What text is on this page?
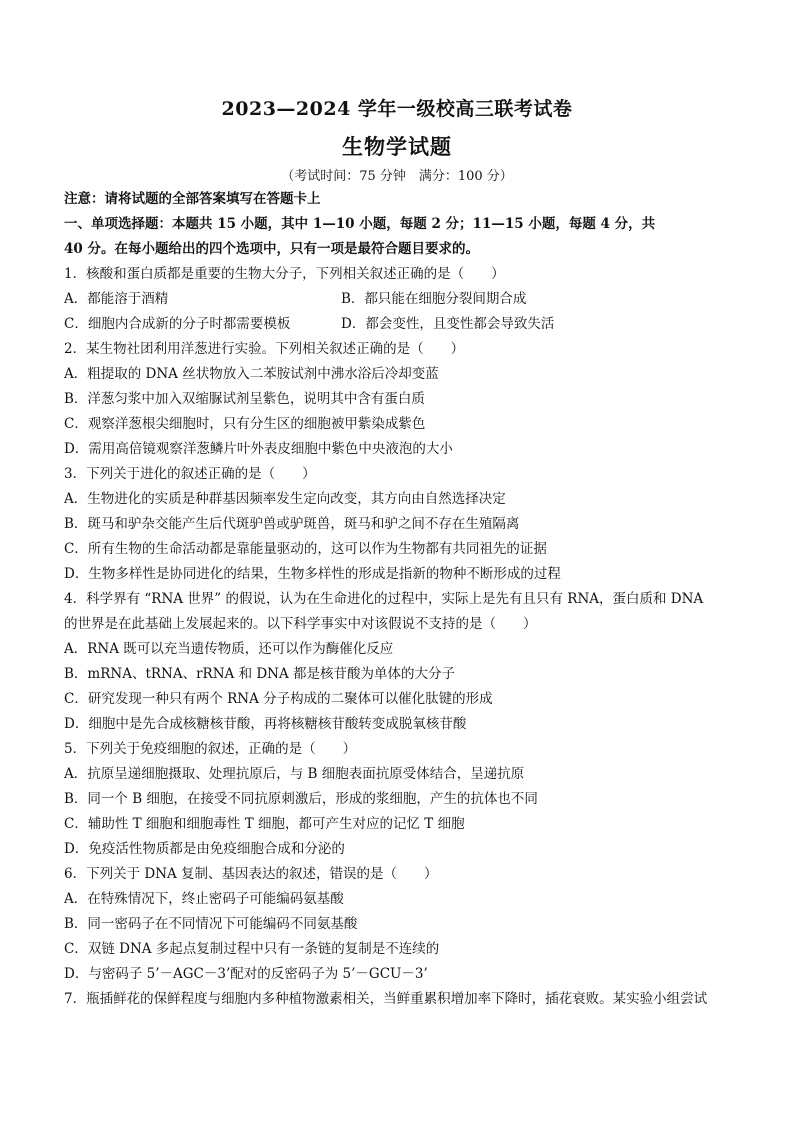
2023—2024 学年一级校高三联考试卷
生物学试题
（考试时间：75 分钟　满分：100 分）
注意：请将试题的全部答案填写在答题卡上
一、单项选择题：本题共 15 小题，其中 1—10 小题，每题 2 分；11—15 小题，每题 4 分，共
40 分。在每小题给出的四个选项中，只有一项是最符合题目要求的。
1．核酸和蛋白质都是重要的生物大分子，下列相关叙述正确的是（　　）
A．都能溶于酒精	B．都只能在细胞分裂间期合成
C．细胞内合成新的分子时都需要模板	D．都会变性，且变性都会导致失活
2．某生物社团利用洋葱进行实验。下列相关叙述正确的是（　　）
A．粗提取的 DNA 丝状物放入二苯胺试剂中沸水浴后冷却变蓝
B．洋葱匀浆中加入双缩脲试剂呈紫色，说明其中含有蛋白质
C．观察洋葱根尖细胞时，只有分生区的细胞被甲紫染成紫色
D．需用高倍镜观察洋葱鳞片叶外表皮细胞中紫色中央液泡的大小
3．下列关于进化的叙述正确的是（　　）
A．生物进化的实质是种群基因频率发生定向改变，其方向由自然选择决定
B．斑马和驴杂交能产生后代斑驴兽或驴斑兽，斑马和驴之间不存在生殖隔离
C．所有生物的生命活动都是靠能量驱动的，这可以作为生物都有共同祖先的证据
D．生物多样性是协同进化的结果，生物多样性的形成是指新的物种不断形成的过程
4．科学界有 “RNA 世界” 的假说，认为在生命进化的过程中，实际上是先有且只有 RNA，蛋白质和 DNA
的世界是在此基础上发展起来的。以下科学事实中对该假说不支持的是（　　）
A．RNA 既可以充当遗传物质，还可以作为酶催化反应
B．mRNA、tRNA、rRNA 和 DNA 都是核苷酸为单体的大分子
C．研究发现一种只有两个 RNA 分子构成的二聚体可以催化肽键的形成
D．细胞中是先合成核糖核苷酸，再将核糖核苷酸转变成脱氧核苷酸
5．下列关于免疫细胞的叙述，正确的是（　　）
A．抗原呈递细胞摄取、处理抗原后，与 B 细胞表面抗原受体结合，呈递抗原
B．同一个 B 细胞，在接受不同抗原刺激后，形成的浆细胞，产生的抗体也不同
C．辅助性 T 细胞和细胞毒性 T 细胞，都可产生对应的记忆 T 细胞
D．免疫活性物质都是由免疫细胞合成和分泌的
6．下列关于 DNA 复制、基因表达的叙述，错误的是（　　）
A．在特殊情况下，终止密码子可能编码氨基酸
B．同一密码子在不同情况下可能编码不同氨基酸
C．双链 DNA 多起点复制过程中只有一条链的复制是不连续的
D．与密码子 5’－AGC－3’配对的反密码子为 5’－GCU－3’
7．瓶插鲜花的保鲜程度与细胞内多种植物激素相关，当鲜重累积增加率下降时，插花衰败。某实验小组尝试
